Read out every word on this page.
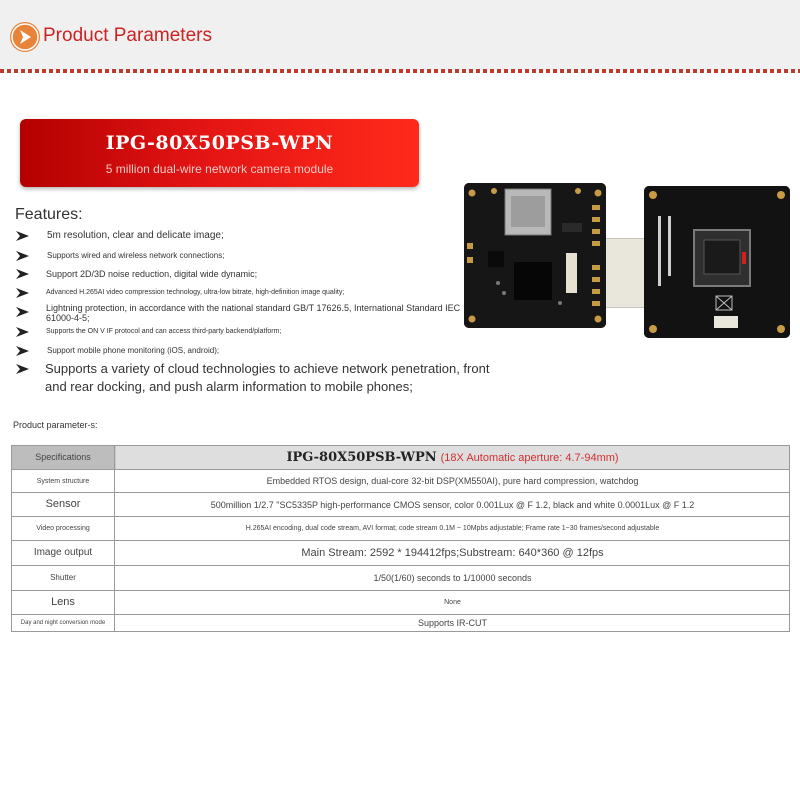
Product Parameters
IPG-80X50PSB-WPN
5 million dual-wire network camera module
Features:
5m resolution, clear and delicate image;
Supports wired and wireless network connections;
Support 2D/3D noise reduction, digital wide dynamic;
Advanced H.265AI video compression technology, ultra-low bitrate, high-definition image quality;
Lightning protection, in accordance with the national standard GB/T 17626.5, International Standard IEC 61000-4-5;
Supports the ON V IF protocol and can access third-party backend/platform;
Support mobile phone monitoring (iOS, android);
Supports a variety of cloud technologies to achieve network penetration, front and rear docking, and push alarm information to mobile phones;
Product parameter-s:
Specifications	IPG-80X50PSB-WPN (18X Automatic aperture: 4.7-94mm)
System structure	Embedded RTOS design, dual-core 32-bit DSP(XM550AI), pure hard compression, watchdog
Sensor	500million 1/2.7 "SC5335P high-performance CMOS sensor, color 0.001Lux @ F 1.2, black and white 0.0001Lux @ F 1.2
Video processing	H.265AI encoding, dual code stream, AVI format; code stream 0.1M ~ 10Mpbs adjustable; Frame rate 1~30 frames/second adjustable
Image output	Main Stream: 2592 * 194412fps;Substream: 640*360 @ 12fps
Shutter	1/50(1/60) seconds to 1/10000 seconds
Lens	None
Day and night conversion mode	Supports IR-CUT
